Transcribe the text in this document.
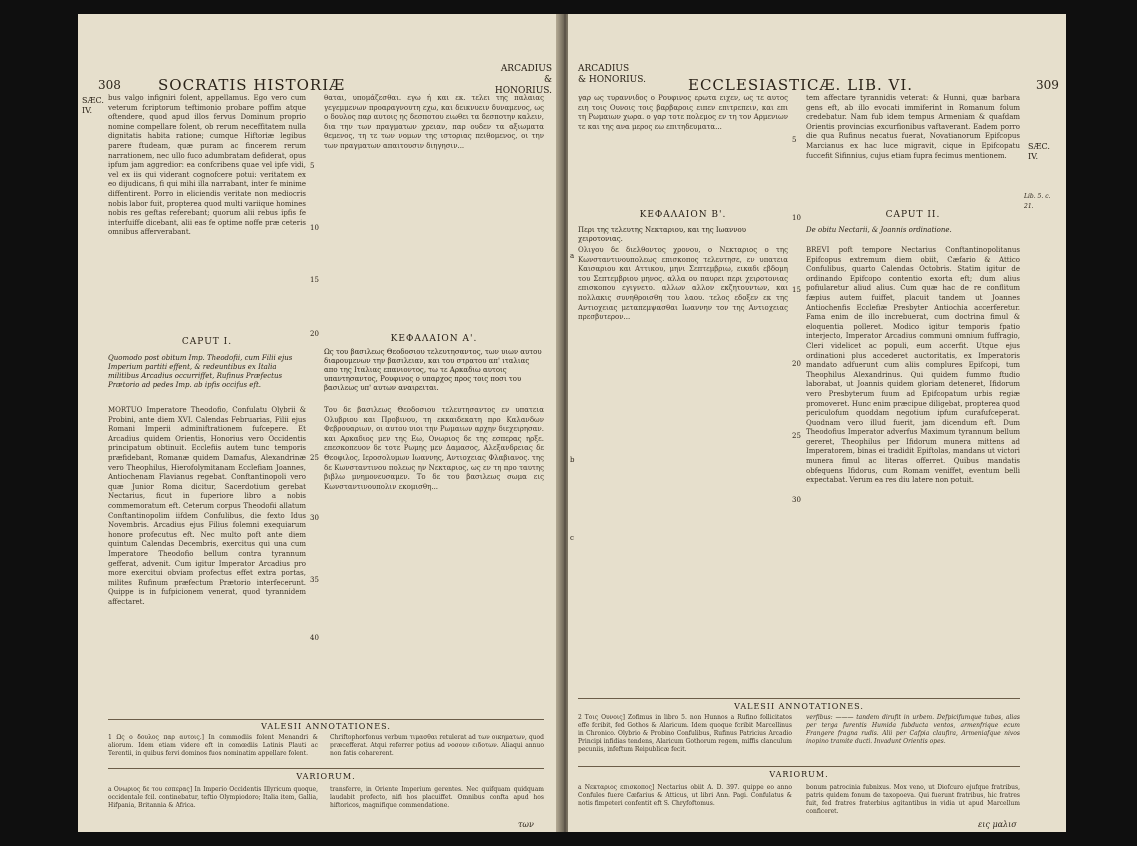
308 SOCRATIS HISTORIÆ
ARCADIUS
& HONORIUS.
SÆC.
IV.
bus valgo infigniri folent, appellamus. Ego vero cum veterum fcriptorum teftimonio probare poffim atque oftendere, quod apud illos fervus Dominum proprio nomine compellare folent, ob rerum neceffitatem nulla dignitatis habita ratione; cumque Hiftoriæ legibus parere ftudeam, quæ puram ac fincerem rerum narrationem, nec ullo fuco adumbratam defiderat, opus ipfum jam aggredior: ea confcribens quae vel ipfe vidi, vel ex iis qui viderant cognofcere potui: veritatem ex eo dijudicans, fi qui mihi illa narrabant, inter fe minime diffentirent. Porro in eliciendis veritate non mediocris nobis labor fuit, propterea quod multi variique homines nobis res geftas referebant; quorum alii rebus ipfis fe interfuiffe dicebant, alii eas fe optime noffe præ ceteris omnibus afferverabant.
θαται, υπομάζεσθαι. εγω ή και εκ. τελει της παλαιας γεγεμμενων προαραγνουτη εχω, και δεικνυειν δυναμενος, ως ο δουλος παρ αυτοις ης δεσποτου ειωθει τα δεσποτην καλειν, δια την των πραγματων χρειαν, παρ ουδεν τα αξιωματα θεμενος, τη τε των νομων της ιστοριας πειθομενος, οι την των πραγματων απαιτουσιν διηγησιν...
CAPUT I.	ΚΕΦΑΛΑΙΟΝ Α'.
Quomodo post obitum Imp. Theodofii, cum Filii ejus Imperium partiti effent, & redeuntibus ex Italia militibus Arcadius occurriffet, Rufinus Præfectus Prætorio ad pedes Imp. ab ipfis occifus eft.
Ως του βασιλεως Θεοδοσιου τελευτησαντος, των υιων αυτου διαρουμενων την βασιλειαν, και του στρατου απ' ιταλιας απο της Ιταλιας επανιοντος, τω τε Αρκαδιω αυτοις υπαντησαντος, Ρουφινος ο υπαρχος προς τοις ποσι του βασιλεως υπ' αυτων αναιρειται.
MORTUO Imperatore Theodofio, Confulatu Olybrii & Probini, ante diem XVI. Calendas Februarias, Filii ejus Romani Imperii adminiftrationem fufcepere. Et Arcadius quidem Orientis, Honorius vero Occidentis principatum obtinuit. Ecclefiis autem tunc temporis præfidebant, Romanæ quidem Damafus, Alexandrinæ vero Theophilus, Hierofolymitanam Ecclefiam Joannes, Antiochenam Flavianus regebat. Conftantinopoli vero quæ Junior Roma dicitur, Sacerdotium gerebat Nectarius, ficut in fuperiore libro a nobis commemoratum eft. Ceterum corpus Theodofii allatum Conftantinopolim iifdem Confulibus, die fexto Idus Novembris. Arcadius ejus Filius folemni exequiarum honore profecutus eft. Nec multo poft ante diem quintum Calendas Decembris, exercitus qui una cum Imperatore Theodofio bellum contra tyrannum gefferat, advenit. Cum igitur Imperator Arcadius pro more exercitui obviam profectus effet extra portas, milites Rufinum præfectum Prætorio interfecerunt. Quippe is in fufpicionem venerat, quod tyrannidem affectaret.
Του δε βασιλεως Θεοδοσιου τελευτησαντος εν υπατεια Ολυβριου και Προβινου, τη εκκαιδεκατη προ Καλανδων Φεβρουαριων, οι αυτου υιοι την Ρωμαιων αρχην διεχειρησαν. και Αρκαδιος μεν της Εω, Ονωριος δε της εσπερας ηρξε. επεσκοπευον δε τοτε Ρωμης μεν Δαμασος, Αλεξανδρειας δε Θεοφιλος, Ιεροσολυμων Ιωαννης, Αντιοχειας Φλαβιανος. της δε Κωνσταντινου πολεως ην Νεκταριος, ως εν τη προ ταυτης βιβλω μνημονευσαμεν. Το δε του βασιλεως σωμα εις Κωνσταντινουπολιν εκομισθη...
5
10
15
20
25
30
35
40
VALESII ANNOTATIONES.
1 Ως ο δουλος παρ αυτοις.] In commodiis folent Menandri & aliorum. Idem etiam videre eft in comœdiis Latinis Plauti ac Terentii, in quibus fervi dominos fuos nominatim appellare folent.
Chriftophorfonus verbum τιμασθαι retulerat ad των οικηματων, quod præcefferat. Atqui referrer potius ad νοσουν ειδοτων. Aliaqui annuo non fatis coharerent.
VARIORUM.
a Ονωριος δε του εσπερας] In Imperio Occidentis Illyricum quoque, occidentale fcil. continebatur, teftio Olympiodoro; Italia item, Gallia, Hifpania, Britannia & Africa.
transferre, in Oriente Imperium gerentes. Nec quifquam quidquam laudabit profecto, nifi hos placuiffet. Omnibus confta apud hos hiftoricos, magnifique commendatione.
των
ARCADIUS
& HONORIUS.	ECCLESIASTICÆ. LIB. VI.	309
SÆC.
IV.
Lib. 5. c. 21.
γαρ ως τυραννιδος ο Ρουφινος ερωτα ειχεν, ως τε αυτος ειη τοις Ουνοις τοις βαρβαροις ειπεν επιτρεπειν, και επι τη Ρωμαιων χωρα. ο γαρ τοτε πολεμος εν τη τον Αρμενιων τε και της ανα μερος εω επιτηδευματα...
tem affectare tyrannidis veterat: & Hunni, quæ barbara gens eft, ab illo evocati immiferint in Romanum folum credebatur. Nam fub idem tempus Armeniam & quafdam Orientis provincias excurfionibus vaftaverant. Eadem porro die qua Rufinus necatus fuerat, Novatianorum Epifcopus Marcianus ex hac luce migravit, cique in Epifcopatu fuccefit Sifinnius, cujus etiam fupra fecimus mentionem.
ΚΕΦΑΛΑΙΟΝ Β'.	CAPUT II.
Περι της τελευτης Νεκταριου, και της Ιωαννου χειροτονιας.
De obitu Nectarii, & Joannis ordinatione.
Ολιγου δε διελθοντος χρονου, ο Νεκταριος ο της Κωνσταντινουπολεως επισκοπος τελευτησε, εν υπατεια Καισαριου και Αττικου, μηνι Σεπτεμβριω, εικαδι εβδομη του Σεπτεμβριου μηνος. αλλα ου παυρει περι χειροτονιας επισκοπου εγιγνετο. αλλων αλλον εκζητουντων, και πολλακις συνηθροισθη του λαου. τελος εδοξεν εκ της Αντιοχειας μεταπεμψασθαι Ιωαννην τον της Αντιοχειας πρεσβυτερον...
BREVI poft tempore Nectarius Conftantinopolitanus Epifcopus extremum diem obiit, Cæfario & Attico Confulibus, quarto Calendas Octobris. Statim igitur de ordinando Epifcopo contentio exorta eft; dum alius pofiularetur aliud alius. Cum quæ hac de re conflitum fæpius autem fuiffet, placuit tandem ut Joannes Antiochenfis Ecclefiæ Presbyter Antiochia accerferetur. Fama enim de illo increbuerat, cum doctrina fimul & eloquentia polleret. Modico igitur temporis fpatio interjecto, Imperator Arcadius communi omnium fuffragio, Cleri videlicet ac populi, eum accerfit. Utque ejus ordinationi plus accederet auctoritatis, ex Imperatoris mandato adfuerunt cum aliis complures Epifcopi, tum Theophilus Alexandrinus. Qui quidem fummo ftudio laborabat, ut Joannis quidem gloriam deteneret, Ifidorum vero Presbyterum fuum ad Epifcopatum urbis regiæ promoveret. Hunc enim præcipue diligebat, propterea quod periculofum quoddam negotium ipfum curafufceperat. Quodnam vero illud fuerit, jam dicendum eft. Dum Theodofius Imperator adverfus Maximum tyrannum bellum gereret, Theophilus per Ifidorum munera mittens ad Imperatorem, binas ei tradidit Epiftolas, mandans ut victori munera fimul ac literas offerret. Quibus mandatis obfequens Ifidorus, cum Romam veniffet, eventum belli expectabat. Verum ea res diu latere non potuit.
5
10
15
20
25
30
a
b
c
VALESII ANNOTATIONES.
2 Τοις Ουνοις] Zofimus in libro 5. non Hunnos a Rufino follicitatos effe fcribit, fed Gothos & Alaricum. Idem quoque fcribit Marcellinus in Chronico. Olybrio & Probino Confulibus, Rufinus Patricius Arcadio Principi infidias tendens, Alaricum Gothorum regem, miffis clanculum pecuniis, infeftum Reipublicæ fecit.
verfibus: ——— tandem dirufit in urbem. Defpicifumque tubas, alias per terga furentis Humida fubducta ventos, armenfrique ecum Frangere fragna rudis. Alii per Cafpia claufira, Armeniafque nivos inopino tramite ducti. Invadunt Orientis opes.
VARIORUM.
a Νεκταριος επισκοπος] Nectarius obiit A. D. 397. quippe eo anno Confules fuere Cæfarius & Atticus, ut libri Ann. Pagi. Confulatus & notis fimpeteri confentit eft S. Chryfoftomus.
bonum patrocinia fubnixus. Mox veno, ut Diofcuro ejufque fratribus, patris quidem fonum de taxopoeva. Qui fuerunt fratribus, hic fratres fuit, fed fratres fraterbius agitantibus in vidia ut apud Marcellum conficeret.
εις μαλισ
